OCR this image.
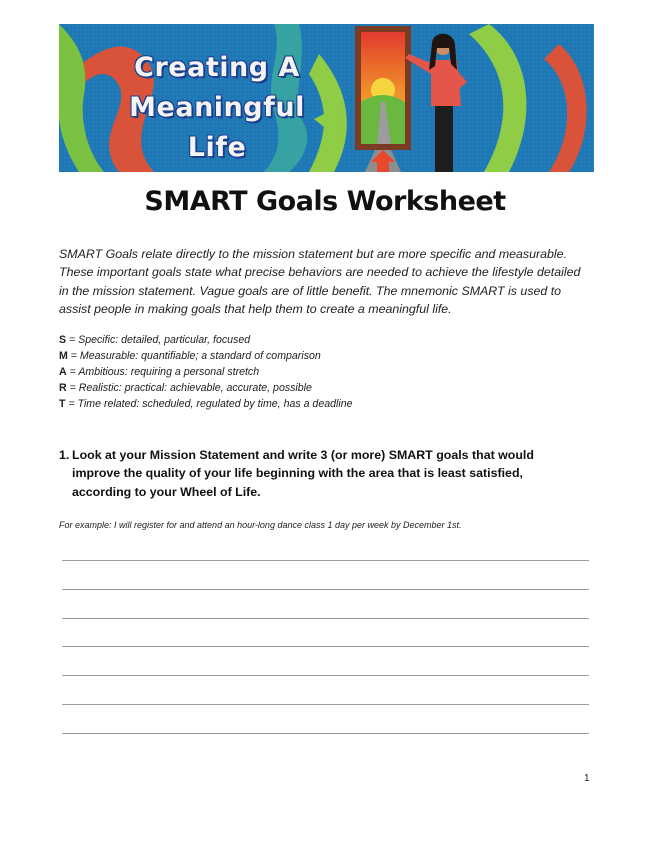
Creating A
Meaningful Life
SMART Goals Worksheet
SMART Goals relate directly to the mission statement but are more specific and measurable. These important goals state what precise behaviors are needed to achieve the lifestyle detailed in the mission statement. Vague goals are of little benefit. The mnemonic SMART is used to assist people in making goals that help them to create a meaningful life.
S = Specific: detailed, particular, focused
M = Measurable: quantifiable; a standard of comparison
A = Ambitious: requiring a personal stretch
R = Realistic: practical: achievable, accurate, possible
T = Time related: scheduled, regulated by time, has a deadline
1. Look at your Mission Statement and write 3 (or more) SMART goals that would improve the quality of your life beginning with the area that is least satisfied, according to your Wheel of Life.
For example: I will register for and attend an hour-long dance class 1 day per week by December 1st.
1
